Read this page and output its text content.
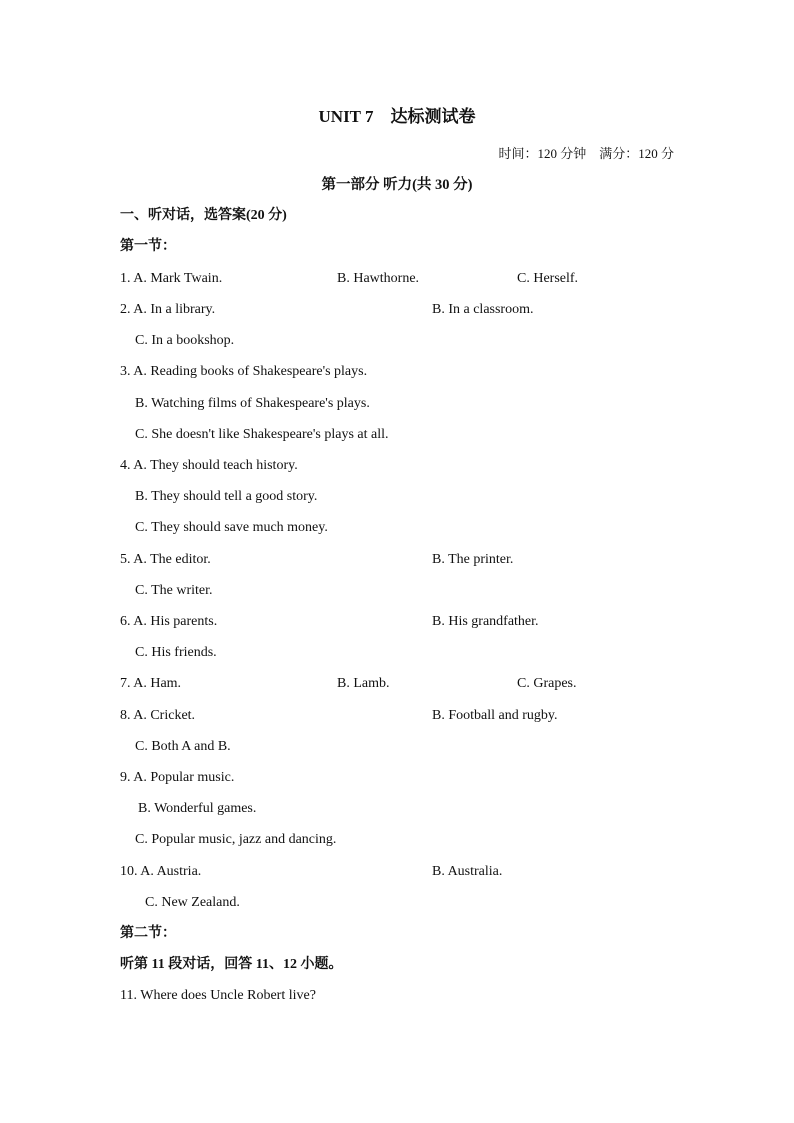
UNIT 7　达标测试卷
时间：120 分钟　满分：120 分
第一部分 听力(共 30 分)
一、听对话，选答案(20 分)
第一节：
1. A. Mark Twain.	B. Hawthorne.	C. Herself.
2. A. In a library.	B. In a classroom.
C. In a bookshop.
3. A. Reading books of Shakespeare's plays.
B. Watching films of Shakespeare's plays.
C. She doesn't like Shakespeare's plays at all.
4. A. They should teach history.
B. They should tell a good story.
C. They should save much money.
5. A. The editor.	B. The printer.
C. The writer.
6. A. His parents.	B. His grandfather.
C. His friends.
7. A. Ham.	B. Lamb.	C. Grapes.
8. A. Cricket.	B. Football and rugby.
C. Both A and B.
9. A. Popular music.
B. Wonderful games.
C. Popular music, jazz and dancing.
10. A. Austria.	B. Australia.
C. New Zealand.
第二节：
听第 11 段对话，回答 11、12 小题。
11. Where does Uncle Robert live?
